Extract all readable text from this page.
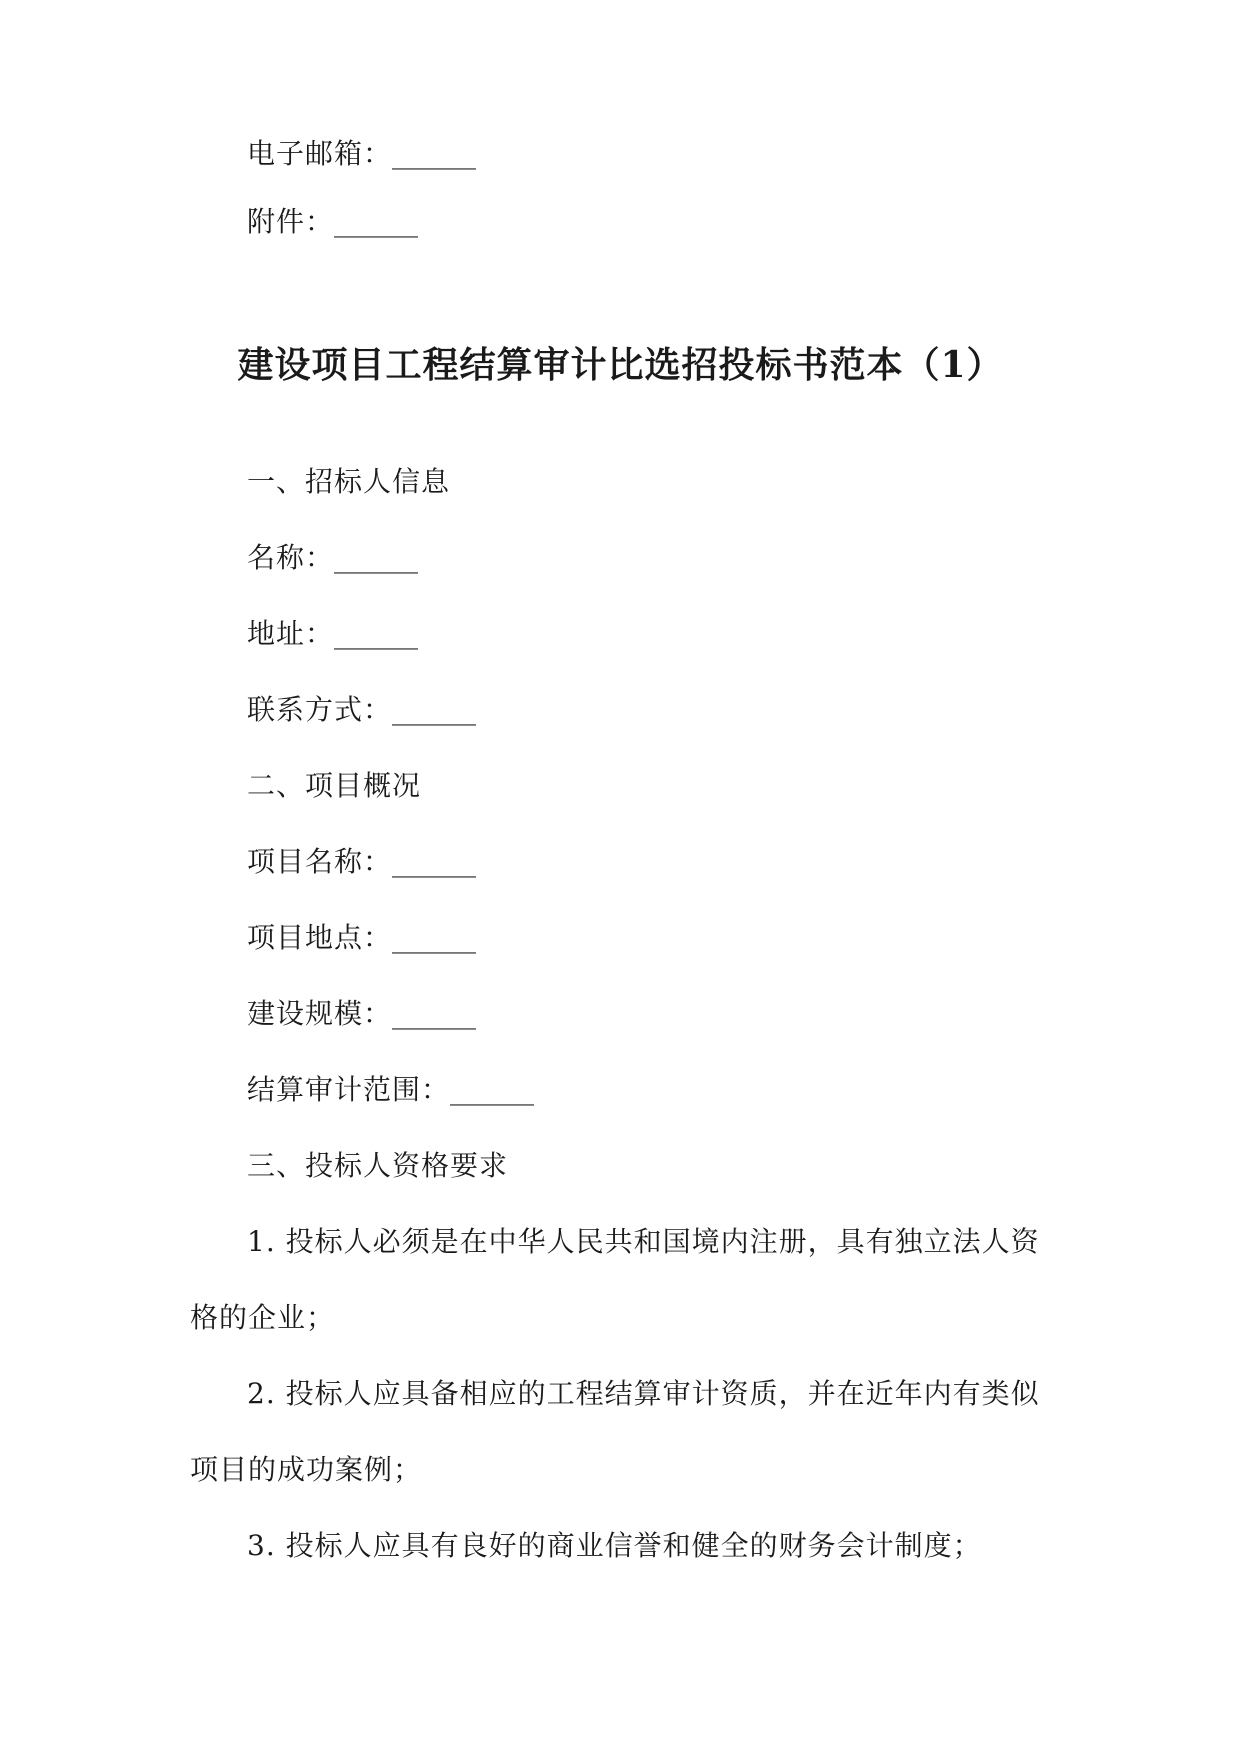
电子邮箱：______
附件：______
建设项目工程结算审计比选招投标书范本（1）
一、招标人信息
名称：______
地址：______
联系方式：______
二、项目概况
项目名称：______
项目地点：______
建设规模：______
结算审计范围：______
三、投标人资格要求
1. 投标人必须是在中华人民共和国境内注册，具有独立法人资
格的企业；
2. 投标人应具备相应的工程结算审计资质，并在近年内有类似
项目的成功案例；
3. 投标人应具有良好的商业信誉和健全的财务会计制度；
